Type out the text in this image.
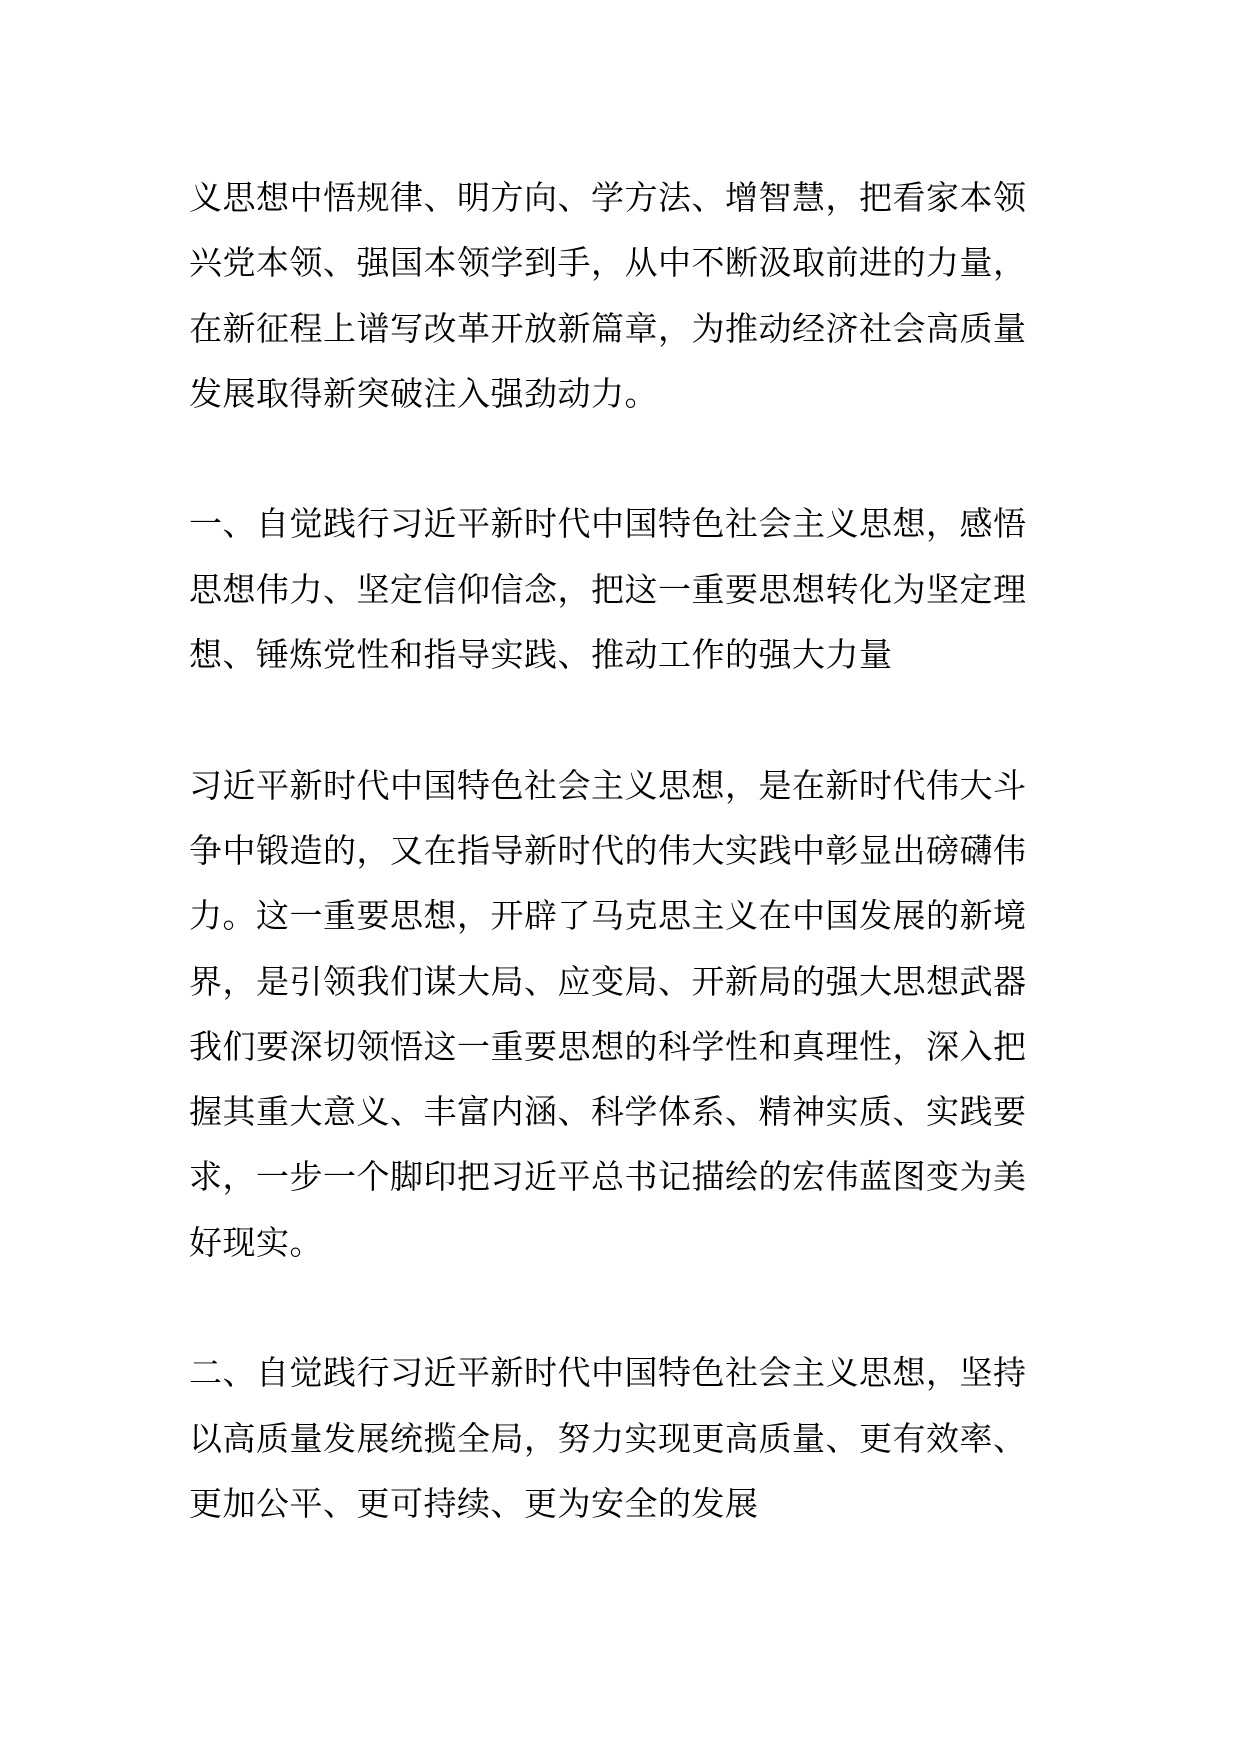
义思想中悟规律、明方向、学方法、增智慧，把看家本领
兴党本领、强国本领学到手，从中不断汲取前进的力量，
在新征程上谱写改革开放新篇章，为推动经济社会高质量
发展取得新突破注入强劲动力。

一、自觉践行习近平新时代中国特色社会主义思想，感悟
思想伟力、坚定信仰信念，把这一重要思想转化为坚定理
想、锤炼党性和指导实践、推动工作的强大力量

习近平新时代中国特色社会主义思想，是在新时代伟大斗
争中锻造的，又在指导新时代的伟大实践中彰显出磅礴伟
力。这一重要思想，开辟了马克思主义在中国发展的新境
界，是引领我们谋大局、应变局、开新局的强大思想武器
我们要深切领悟这一重要思想的科学性和真理性，深入把
握其重大意义、丰富内涵、科学体系、精神实质、实践要
求，一步一个脚印把习近平总书记描绘的宏伟蓝图变为美
好现实。

二、自觉践行习近平新时代中国特色社会主义思想，坚持
以高质量发展统揽全局，努力实现更高质量、更有效率、
更加公平、更可持续、更为安全的发展
